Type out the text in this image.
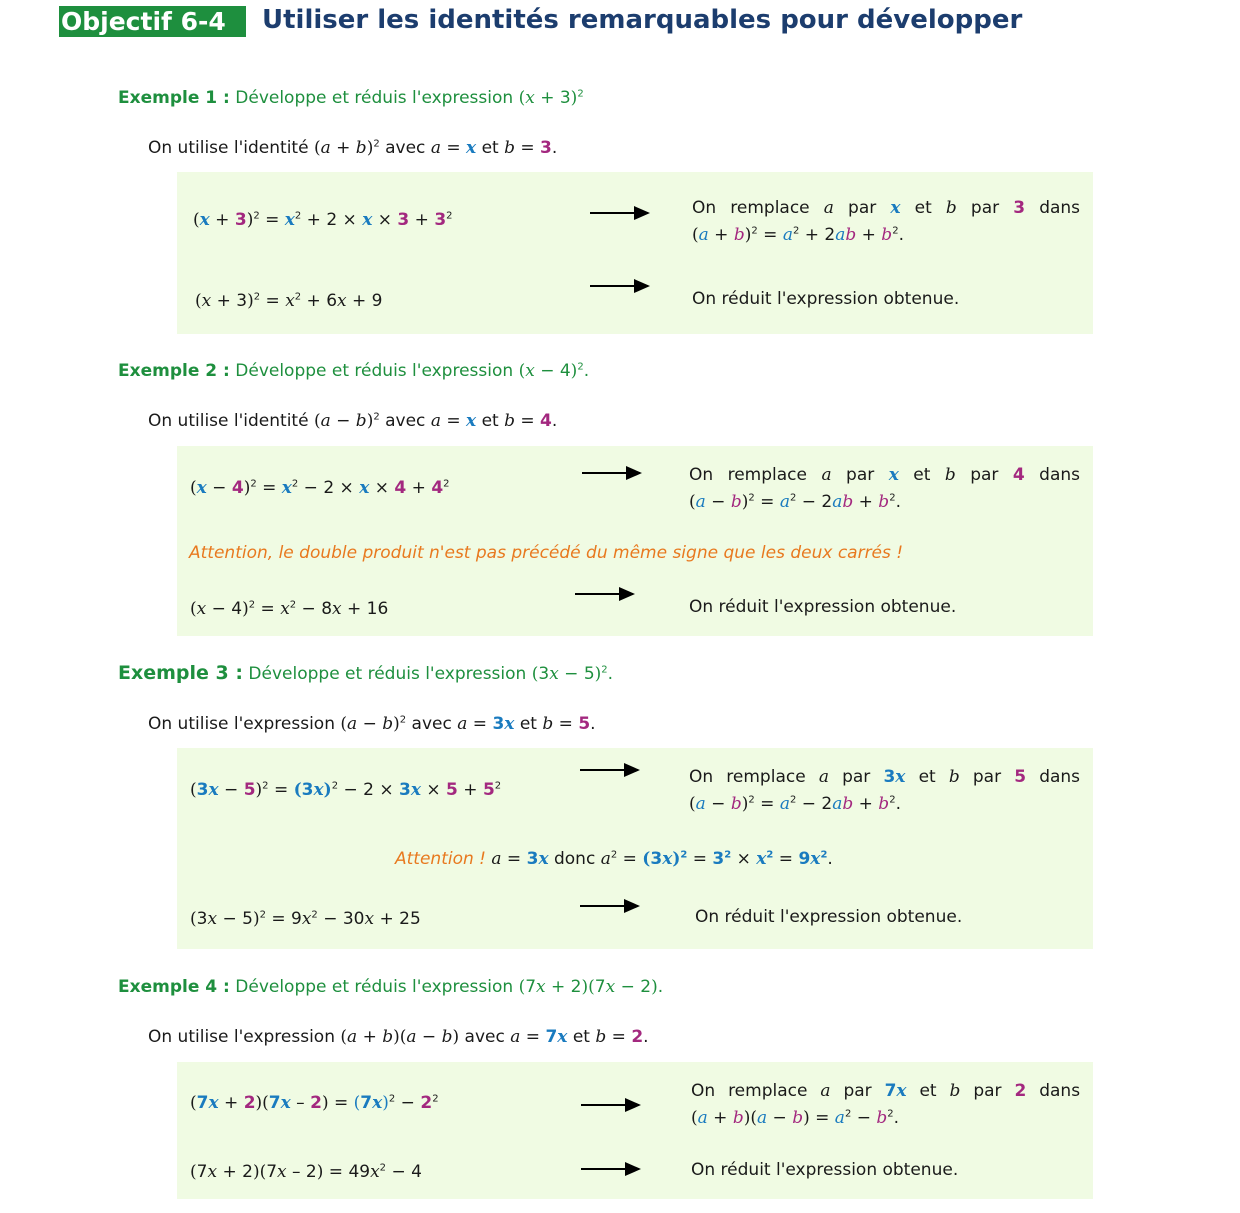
Objectif 6-4	Utiliser les identités remarquables pour développer
Exemple 1 : Développe et réduis l'expression $(x + 3)^2$
On utilise l'identité $(a + b)^2$ avec a = x et b = 3.
$(x + 3)^2 = x^2 + 2 \times x \times 3 + 3^2$	On remplace a par x et b par 3 dans
$(a + b)^2 = a^2 + 2ab + b^2$.
$(x + 3)^2 = x^2 + 6x + 9$	On réduit l'expression obtenue.
Exemple 2 : Développe et réduis l'expression $(x - 4)^2$.
On utilise l'identité $(a - b)^2$ avec a = x et b = 4.
$(x - 4)^2 = x^2 - 2 \times x \times 4 + 4^2$	On remplace a par x et b par 4 dans
$(a - b)^2 = a^2 - 2ab + b^2$.
Attention, le double produit n'est pas précédé du même signe que les deux carrés !
$(x - 4)^2 = x^2 - 8x + 16$	On réduit l'expression obtenue.
Exemple 3 : Développe et réduis l'expression $(3x - 5)^2$.
On utilise l'expression $(a - b)^2$ avec a = 3x et b = 5.
$(3x - 5)^2 = (3x)^2 - 2 \times 3x \times 5 + 5^2$	On remplace a par 3x et b par 5 dans
$(a - b)^2 = a^2 - 2ab + b^2$.
Attention ! a = 3x donc $a^2 = (3x)^2 = 3^2 \times x^2 = 9x^2$.
$(3x - 5)^2 = 9x^2 - 30x + 25$	On réduit l'expression obtenue.
Exemple 4 : Développe et réduis l'expression (7x + 2)(7x − 2).
On utilise l'expression (a + b)(a − b) avec a = 7x et b = 2.
$(7x + 2)(7x - 2) = (7x)^2 - 2^2$	On remplace a par 7x et b par 2 dans
$(a + b)(a - b) = a^2 - b^2$.
$(7x + 2)(7x - 2) = 49x^2 - 4$	On réduit l'expression obtenue.
